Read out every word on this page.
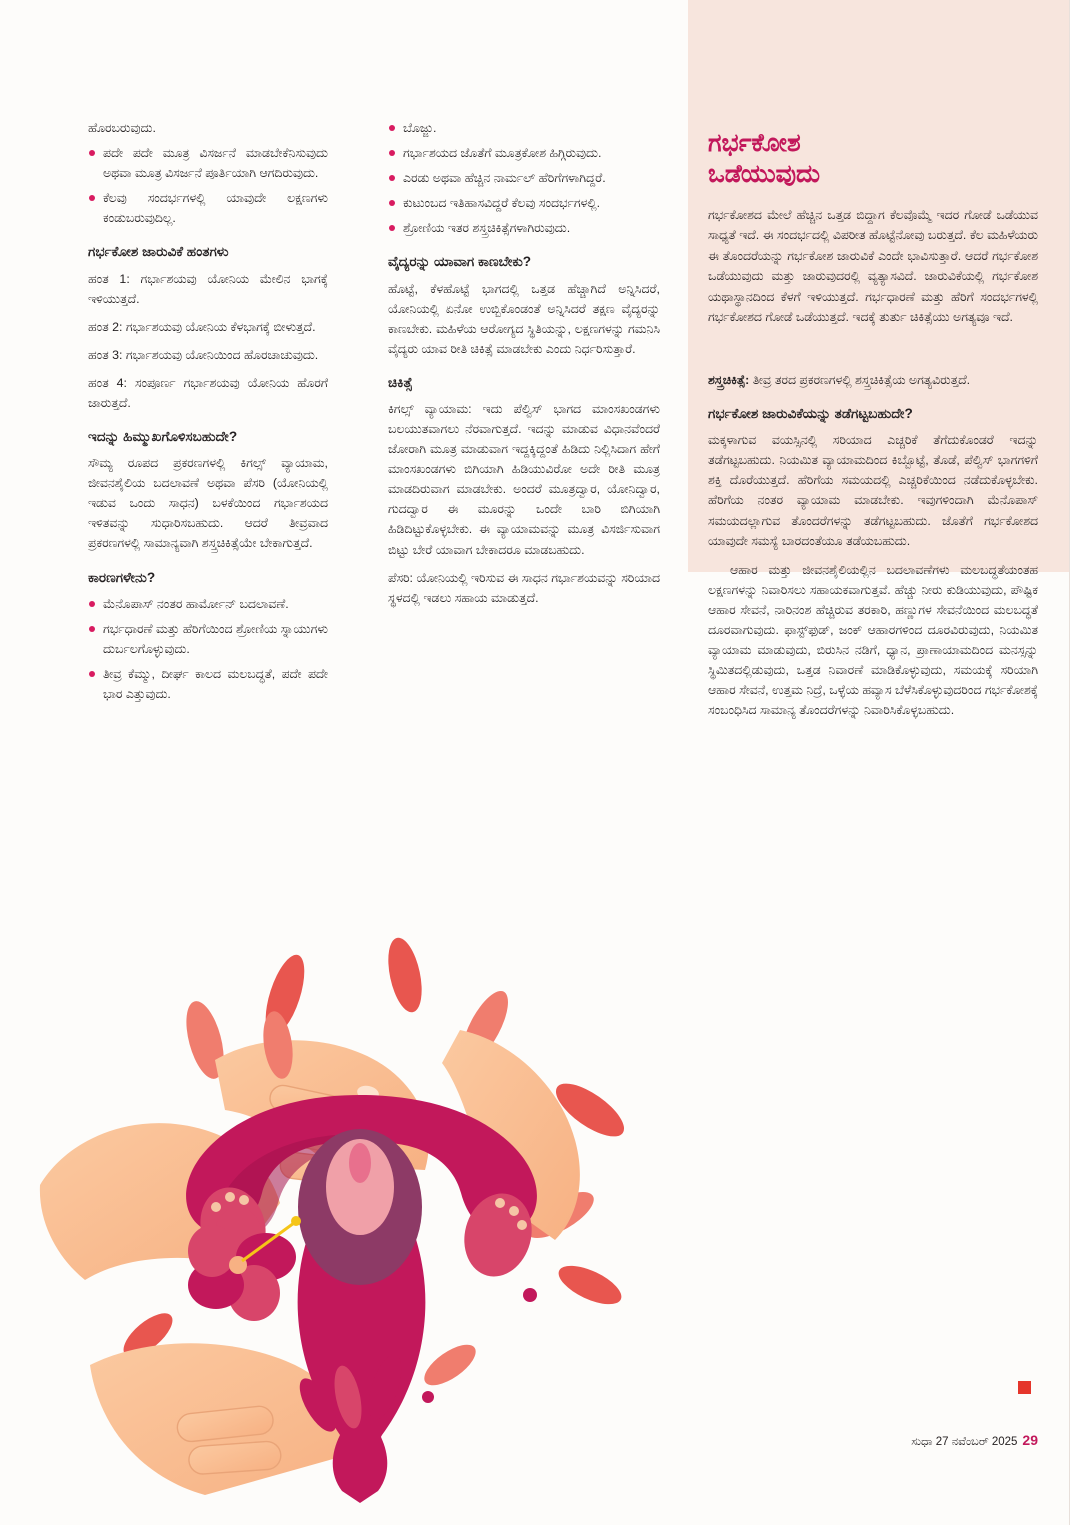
ಹೊರಬರುವುದು.

ಪದೇ ಪದೇ ಮೂತ್ರ ವಿಸರ್ಜನೆ ಮಾಡಬೇಕೆನಿಸುವುದು ಅಥವಾ ಮೂತ್ರ ವಿಸರ್ಜನೆ ಪೂರ್ತಿಯಾಗಿ ಆಗದಿರುವುದು.
ಕೆಲವು ಸಂದರ್ಭಗಳಲ್ಲಿ ಯಾವುದೇ ಲಕ್ಷಣಗಳು ಕಂಡುಬರುವುದಿಲ್ಲ.
ಗರ್ಭಕೋಶ ಜಾರುವಿಕೆ ಹಂತಗಳು

ಹಂತ 1: ಗರ್ಭಾಶಯವು ಯೋನಿಯ ಮೇಲಿನ ಭಾಗಕ್ಕೆ ಇಳಿಯುತ್ತದೆ.

ಹಂತ 2: ಗರ್ಭಾಶಯವು ಯೋನಿಯ ಕೆಳಭಾಗಕ್ಕೆ ಬೀಳುತ್ತದೆ.

ಹಂತ 3: ಗರ್ಭಾಶಯವು ಯೋನಿಯಿಂದ ಹೊರಚಾಚುವುದು.

ಹಂತ 4: ಸಂಪೂರ್ಣ ಗರ್ಭಾಶಯವು ಯೋನಿಯ ಹೊರಗೆ ಜಾರುತ್ತದೆ.

ಇದನ್ನು ಹಿಮ್ಮುಖಗೊಳಿಸಬಹುದೇ?

ಸೌಮ್ಯ ರೂಪದ ಪ್ರಕರಣಗಳಲ್ಲಿ ಕಿಗಲ್ಸ್ ವ್ಯಾಯಾಮ, ಜೀವನಶೈಲಿಯ ಬದಲಾವಣೆ ಅಥವಾ ಪೆಸರಿ (ಯೋನಿಯಲ್ಲಿ ಇಡುವ ಒಂದು ಸಾಧನ) ಬಳಕೆಯಿಂದ ಗರ್ಭಾಶಯದ ಇಳಿತವನ್ನು ಸುಧಾರಿಸಬಹುದು. ಆದರೆ ತೀವ್ರವಾದ ಪ್ರಕರಣಗಳಲ್ಲಿ ಸಾಮಾನ್ಯವಾಗಿ ಶಸ್ತ್ರಚಿಕಿತ್ಸೆಯೇ ಬೇಕಾಗುತ್ತದೆ.

ಕಾರಣಗಳೇನು?
ಮೆನೊಪಾಸ್ ನಂತರ ಹಾರ್ಮೋನ್ ಬದಲಾವಣೆ.
ಗರ್ಭಧಾರಣೆ ಮತ್ತು ಹೆರಿಗೆಯಿಂದ ಶ್ರೋಣಿಯ ಸ್ನಾಯುಗಳು ದುರ್ಬಲಗೊಳ್ಳುವುದು.
ತೀವ್ರ ಕೆಮ್ಮು, ದೀರ್ಘ ಕಾಲದ ಮಲಬದ್ಧತೆ, ಪದೇ ಪದೇ ಭಾರ ಎತ್ತುವುದು.
ಬೊಜ್ಜು.
ಗರ್ಭಾಶಯದ ಜೊತೆಗೆ ಮೂತ್ರಕೋಶ ಹಿಗ್ಗಿರುವುದು.
ಎರಡು ಅಥವಾ ಹೆಚ್ಚಿನ ನಾರ್ಮಲ್ ಹೆರಿಗೆಗಳಾಗಿದ್ದರೆ.
ಕುಟುಂಬದ ಇತಿಹಾಸವಿದ್ದರೆ ಕೆಲವು ಸಂದರ್ಭಗಳಲ್ಲಿ.
ಶ್ರೋಣಿಯ ಇತರ ಶಸ್ತ್ರಚಿಕಿತ್ಸೆಗಳಾಗಿರುವುದು.
ವೈದ್ಯರನ್ನು ಯಾವಾಗ ಕಾಣಬೇಕು?

ಹೊಟ್ಟೆ, ಕೆಳಹೊಟ್ಟೆ ಭಾಗದಲ್ಲಿ ಒತ್ತಡ ಹೆಚ್ಚಾಗಿದೆ ಅನ್ನಿಸಿದರೆ, ಯೋನಿಯಲ್ಲಿ ಏನೋ ಉಬ್ಬಿಕೊಂಡಂತೆ ಅನ್ನಿಸಿದರೆ ತಕ್ಷಣ ವೈದ್ಯರನ್ನು ಕಾಣಬೇಕು. ಮಹಿಳೆಯ ಆರೋಗ್ಯದ ಸ್ಥಿತಿಯನ್ನು, ಲಕ್ಷಣಗಳನ್ನು ಗಮನಿಸಿ ವೈದ್ಯರು ಯಾವ ರೀತಿ ಚಿಕಿತ್ಸೆ ಮಾಡಬೇಕು ಎಂದು ನಿರ್ಧರಿಸುತ್ತಾರೆ.

ಚಿಕಿತ್ಸೆ

ಕಿಗಲ್ಸ್ ವ್ಯಾಯಾಮ: ಇದು ಪೆಲ್ವಿಸ್ ಭಾಗದ ಮಾಂಸಖಂಡಗಳು ಬಲಯುತವಾಗಲು ನೆರವಾಗುತ್ತದೆ. ಇದನ್ನು ಮಾಡುವ ವಿಧಾನವೆಂದರೆ ಜೋರಾಗಿ ಮೂತ್ರ ಮಾಡುವಾಗ ಇದ್ದಕ್ಕಿದ್ದಂತೆ ಹಿಡಿದು ನಿಲ್ಲಿಸಿದಾಗ ಹೇಗೆ ಮಾಂಸಖಂಡಗಳು ಬಿಗಿಯಾಗಿ ಹಿಡಿಯುವಿರೋ ಅದೇ ರೀತಿ ಮೂತ್ರ ಮಾಡದಿರುವಾಗ ಮಾಡಬೇಕು. ಅಂದರೆ ಮೂತ್ರದ್ವಾರ, ಯೋನಿದ್ವಾರ, ಗುದದ್ವಾರ ಈ ಮೂರನ್ನು ಒಂದೇ ಬಾರಿ ಬಿಗಿಯಾಗಿ ಹಿಡಿದಿಟ್ಟುಕೊಳ್ಳಬೇಕು. ಈ ವ್ಯಾಯಾಮವನ್ನು ಮೂತ್ರ ವಿಸರ್ಜಿಸುವಾಗ ಬಿಟ್ಟು ಬೇರೆ ಯಾವಾಗ ಬೇಕಾದರೂ ಮಾಡಬಹುದು.

ಪೆಸರಿ: ಯೋನಿಯಲ್ಲಿ ಇರಿಸುವ ಈ ಸಾಧನ ಗರ್ಭಾಶಯವನ್ನು ಸರಿಯಾದ ಸ್ಥಳದಲ್ಲಿ ಇಡಲು ಸಹಾಯ ಮಾಡುತ್ತದೆ.

ಗರ್ಭಕೋಶ
ಒಡೆಯುವುದು

ಗರ್ಭಕೋಶದ ಮೇಲೆ ಹೆಚ್ಚಿನ ಒತ್ತಡ ಬಿದ್ದಾಗ ಕೆಲವೊಮ್ಮೆ ಇದರ ಗೋಡೆ ಒಡೆಯುವ ಸಾಧ್ಯತೆ ಇದೆ. ಈ ಸಂದರ್ಭದಲ್ಲಿ ವಿಪರೀತ ಹೊಟ್ಟೆನೋವು ಬರುತ್ತದೆ. ಕೆಲ ಮಹಿಳೆಯರು ಈ ತೊಂದರೆಯನ್ನು ಗರ್ಭಕೋಶ ಜಾರುವಿಕೆ ಎಂದೇ ಭಾವಿಸುತ್ತಾರೆ. ಆದರೆ ಗರ್ಭಕೋಶ ಒಡೆಯುವುದು ಮತ್ತು ಜಾರುವುದರಲ್ಲಿ ವ್ಯತ್ಯಾಸವಿದೆ. ಜಾರುವಿಕೆಯಲ್ಲಿ ಗರ್ಭಕೋಶ ಯಥಾಸ್ಥಾನದಿಂದ ಕೆಳಗೆ ಇಳಿಯುತ್ತದೆ. ಗರ್ಭಧಾರಣೆ ಮತ್ತು ಹೆರಿಗೆ ಸಂದರ್ಭಗಳಲ್ಲಿ ಗರ್ಭಕೋಶದ ಗೋಡೆ ಒಡೆಯುತ್ತದೆ. ಇದಕ್ಕೆ ತುರ್ತು ಚಿಕಿತ್ಸೆಯು ಅಗತ್ಯವೂ ಇದೆ.

ಶಸ್ತ್ರಚಿಕಿತ್ಸೆ: ತೀವ್ರ ತರದ ಪ್ರಕರಣಗಳಲ್ಲಿ ಶಸ್ತ್ರಚಿಕಿತ್ಸೆಯ ಅಗತ್ಯವಿರುತ್ತದೆ.

ಗರ್ಭಕೋಶ ಜಾರುವಿಕೆಯನ್ನು ತಡೆಗಟ್ಟಬಹುದೇ?

ಮಕ್ಕಳಾಗುವ ವಯಸ್ಸಿನಲ್ಲಿ ಸರಿಯಾದ ಎಚ್ಚರಿಕೆ ತೆಗೆದುಕೊಂಡರೆ ಇದನ್ನು ತಡೆಗಟ್ಟಬಹುದು. ನಿಯಮಿತ ವ್ಯಾಯಾಮದಿಂದ ಕಿಬ್ಬೊಟ್ಟೆ, ತೊಡೆ, ಪೆಲ್ವಿಸ್ ಭಾಗಗಳಿಗೆ ಶಕ್ತಿ ದೊರೆಯುತ್ತದೆ. ಹೆರಿಗೆಯ ಸಮಯದಲ್ಲಿ ಎಚ್ಚರಿಕೆಯಿಂದ ನಡೆದುಕೊಳ್ಳಬೇಕು. ಹೆರಿಗೆಯ ನಂತರ ವ್ಯಾಯಾಮ ಮಾಡಬೇಕು. ಇವುಗಳಿಂದಾಗಿ ಮೆನೊಪಾಸ್ ಸಮಯದಲ್ಲಾಗುವ ತೊಂದರೆಗಳನ್ನು ತಡೆಗಟ್ಟಬಹುದು. ಜೊತೆಗೆ ಗರ್ಭಕೋಶದ ಯಾವುದೇ ಸಮಸ್ಯೆ ಬಾರದಂತೆಯೂ ತಡೆಯಬಹುದು.

ಆಹಾರ ಮತ್ತು ಜೀವನಶೈಲಿಯಲ್ಲಿನ ಬದಲಾವಣೆಗಳು ಮಲಬದ್ಧತೆಯಂತಹ ಲಕ್ಷಣಗಳನ್ನು ನಿವಾರಿಸಲು ಸಹಾಯಕವಾಗುತ್ತವೆ. ಹೆಚ್ಚು ನೀರು ಕುಡಿಯುವುದು, ಪೌಷ್ಟಿಕ ಆಹಾರ ಸೇವನೆ, ನಾರಿನಂಶ ಹೆಚ್ಚಿರುವ ತರಕಾರಿ, ಹಣ್ಣುಗಳ ಸೇವನೆಯಿಂದ ಮಲಬದ್ಧತೆ ದೂರವಾಗುವುದು. ಫಾಸ್ಟ್‌ಫುಡ್, ಜಂಕ್ ಆಹಾರಗಳಿಂದ ದೂರವಿರುವುದು, ನಿಯಮಿತ ವ್ಯಾಯಾಮ ಮಾಡುವುದು, ಬಿರುಸಿನ ನಡಿಗೆ, ಧ್ಯಾನ, ಪ್ರಾಣಾಯಾಮದಿಂದ ಮನಸ್ಸನ್ನು ಸ್ಥಿಮಿತದಲ್ಲಿಡುವುದು, ಒತ್ತಡ ನಿವಾರಣೆ ಮಾಡಿಕೊಳ್ಳುವುದು, ಸಮಯಕ್ಕೆ ಸರಿಯಾಗಿ ಆಹಾರ ಸೇವನೆ, ಉತ್ತಮ ನಿದ್ರೆ, ಒಳ್ಳೆಯ ಹವ್ಯಾಸ ಬೆಳೆಸಿಕೊಳ್ಳುವುದರಿಂದ ಗರ್ಭಕೋಶಕ್ಕೆ ಸಂಬಂಧಿಸಿದ ಸಾಮಾನ್ಯ ತೊಂದರೆಗಳನ್ನು ನಿವಾರಿಸಿಕೊಳ್ಳಬಹುದು.

ಸುಧಾ 27 ನವೆಂಬರ್ 2025 29
